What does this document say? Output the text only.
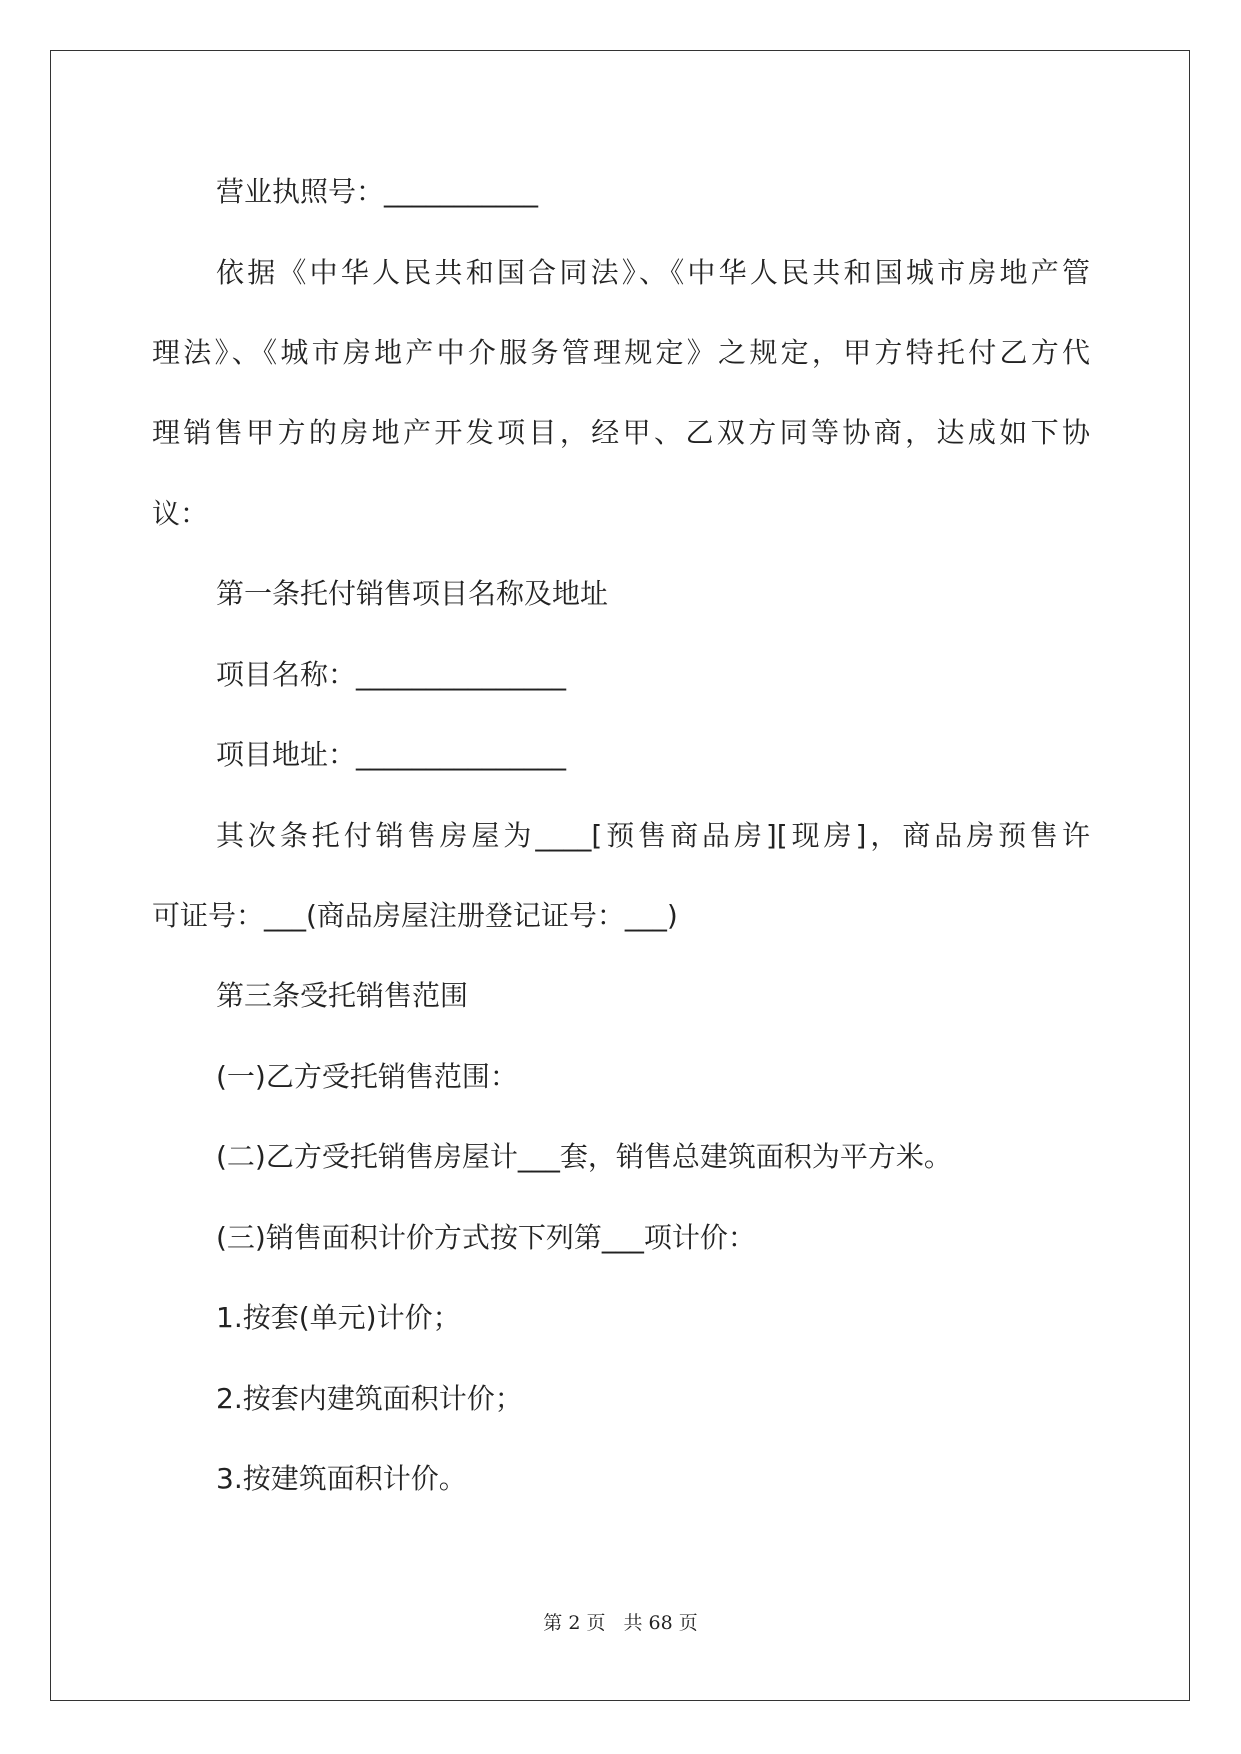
营业执照号：___________
依据《中华人民共和国合同法》、《中华人民共和国城市房地产管
理法》、《城市房地产中介服务管理规定》之规定，甲方特托付乙方代
理销售甲方的房地产开发项目，经甲、乙双方同等协商，达成如下协
议：
第一条托付销售项目名称及地址
项目名称：_______________
项目地址：_______________
其次条托付销售房屋为____[预售商品房][现房]，商品房预售许
可证号：___(商品房屋注册登记证号：___)
第三条受托销售范围
(一)乙方受托销售范围：
(二)乙方受托销售房屋计___套，销售总建筑面积为平方米。
(三)销售面积计价方式按下列第___项计价：
1.按套(单元)计价；
2.按套内建筑面积计价；
3.按建筑面积计价。
第 2 页 共 68 页
